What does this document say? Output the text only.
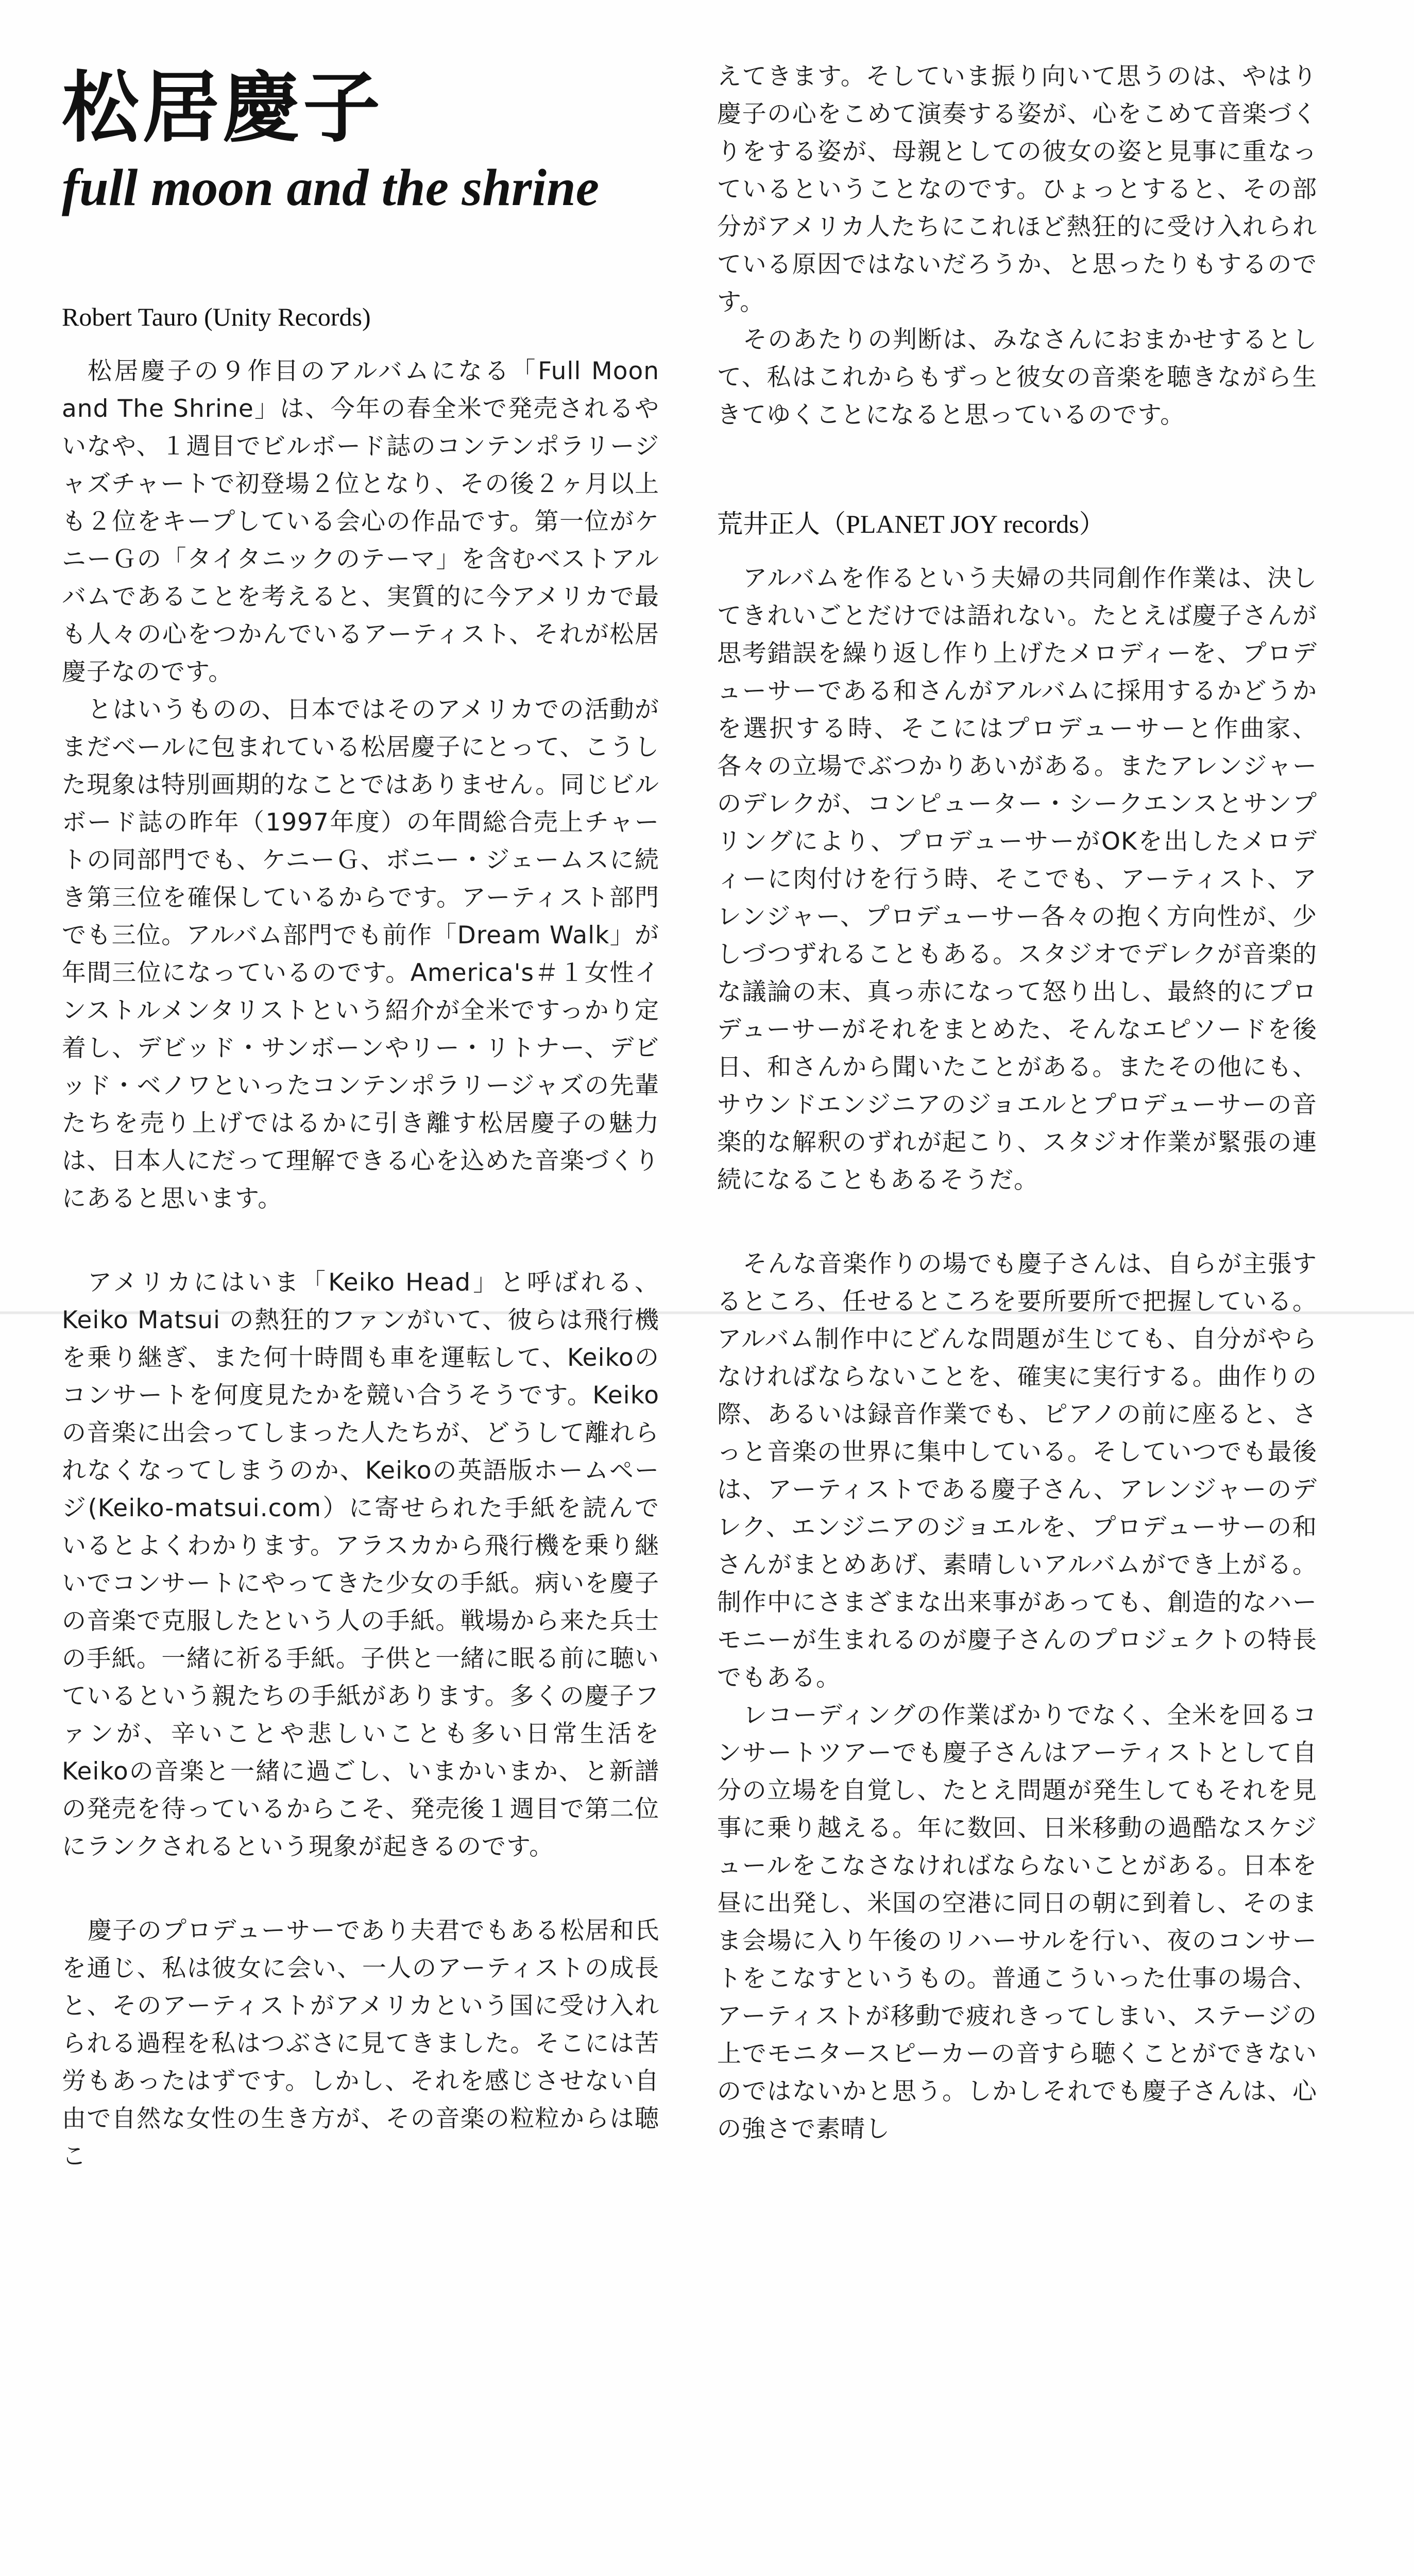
松居慶子
full moon and the shrine
Robert Tauro (Unity Records)

松居慶子の９作目のアルバムになる「Full Moon and The Shrine」は、今年の春全米で発売されるやいなや、１週目でビルボード誌のコンテンポラリージャズチャートで初登場２位となり、その後２ヶ月以上も２位をキープしている会心の作品です。第一位がケニーＧの「タイタニックのテーマ」を含むベストアルバムであることを考えると、実質的に今アメリカで最も人々の心をつかんでいるアーティスト、それが松居慶子なのです。

とはいうものの、日本ではそのアメリカでの活動がまだベールに包まれている松居慶子にとって、こうした現象は特別画期的なことではありません。同じビルボード誌の昨年（1997年度）の年間総合売上チャートの同部門でも、ケニーＧ、ボニー・ジェームスに続き第三位を確保しているからです。アーティスト部門でも三位。アルバム部門でも前作「Dream Walk」が年間三位になっているのです。America's＃１女性インストルメンタリストという紹介が全米ですっかり定着し、デビッド・サンボーンやリー・リトナー、デビッド・ベノワといったコンテンポラリージャズの先輩たちを売り上げではるかに引き離す松居慶子の魅力は、日本人にだって理解できる心を込めた音楽づくりにあると思います。

アメリカにはいま「Keiko Head」と呼ばれる、Keiko Matsui の熱狂的ファンがいて、彼らは飛行機を乗り継ぎ、また何十時間も車を運転して、Keikoのコンサートを何度見たかを競い合うそうです。Keikoの音楽に出会ってしまった人たちが、どうして離れられなくなってしまうのか、Keikoの英語版ホームページ(Keiko-matsui.com）に寄せられた手紙を読んでいるとよくわかります。アラスカから飛行機を乗り継いでコンサートにやってきた少女の手紙。病いを慶子の音楽で克服したという人の手紙。戦場から来た兵士の手紙。一緒に祈る手紙。子供と一緒に眠る前に聴いているという親たちの手紙があります。多くの慶子ファンが、辛いことや悲しいことも多い日常生活をKeikoの音楽と一緒に過ごし、いまかいまか、と新譜の発売を待っているからこそ、発売後１週目で第二位にランクされるという現象が起きるのです。

慶子のプロデューサーであり夫君でもある松居和氏を通じ、私は彼女に会い、一人のアーティストの成長と、そのアーティストがアメリカという国に受け入れられる過程を私はつぶさに見てきました。そこには苦労もあったはずです。しかし、それを感じさせない自由で自然な女性の生き方が、その音楽の粒粒からは聴こ

えてきます。そしていま振り向いて思うのは、やはり慶子の心をこめて演奏する姿が、心をこめて音楽づくりをする姿が、母親としての彼女の姿と見事に重なっているということなのです。ひょっとすると、その部分がアメリカ人たちにこれほど熱狂的に受け入れられている原因ではないだろうか、と思ったりもするのです。

そのあたりの判断は、みなさんにおまかせするとして、私はこれからもずっと彼女の音楽を聴きながら生きてゆくことになると思っているのです。

荒井正人（PLANET JOY records）

アルバムを作るという夫婦の共同創作作業は、決してきれいごとだけでは語れない。たとえば慶子さんが思考錯誤を繰り返し作り上げたメロディーを、プロデューサーである和さんがアルバムに採用するかどうかを選択する時、そこにはプロデューサーと作曲家、各々の立場でぶつかりあいがある。またアレンジャーのデレクが、コンピューター・シークエンスとサンプリングにより、プロデューサーがOKを出したメロディーに肉付けを行う時、そこでも、アーティスト、アレンジャー、プロデューサー各々の抱く方向性が、少しづつずれることもある。スタジオでデレクが音楽的な議論の末、真っ赤になって怒り出し、最終的にプロデューサーがそれをまとめた、そんなエピソードを後日、和さんから聞いたことがある。またその他にも、サウンドエンジニアのジョエルとプロデューサーの音楽的な解釈のずれが起こり、スタジオ作業が緊張の連続になることもあるそうだ。

そんな音楽作りの場でも慶子さんは、自らが主張するところ、任せるところを要所要所で把握している。アルバム制作中にどんな問題が生じても、自分がやらなければならないことを、確実に実行する。曲作りの際、あるいは録音作業でも、ピアノの前に座ると、さっと音楽の世界に集中している。そしていつでも最後は、アーティストである慶子さん、アレンジャーのデレク、エンジニアのジョエルを、プロデューサーの和さんがまとめあげ、素晴しいアルバムができ上がる。制作中にさまざまな出来事があっても、創造的なハーモニーが生まれるのが慶子さんのプロジェクトの特長でもある。

レコーディングの作業ばかりでなく、全米を回るコンサートツアーでも慶子さんはアーティストとして自分の立場を自覚し、たとえ問題が発生してもそれを見事に乗り越える。年に数回、日米移動の過酷なスケジュールをこなさなければならないことがある。日本を昼に出発し、米国の空港に同日の朝に到着し、そのまま会場に入り午後のリハーサルを行い、夜のコンサートをこなすというもの。普通こういった仕事の場合、アーティストが移動で疲れきってしまい、ステージの上でモニタースピーカーの音すら聴くことができないのではないかと思う。しかしそれでも慶子さんは、心の強さで素晴し
